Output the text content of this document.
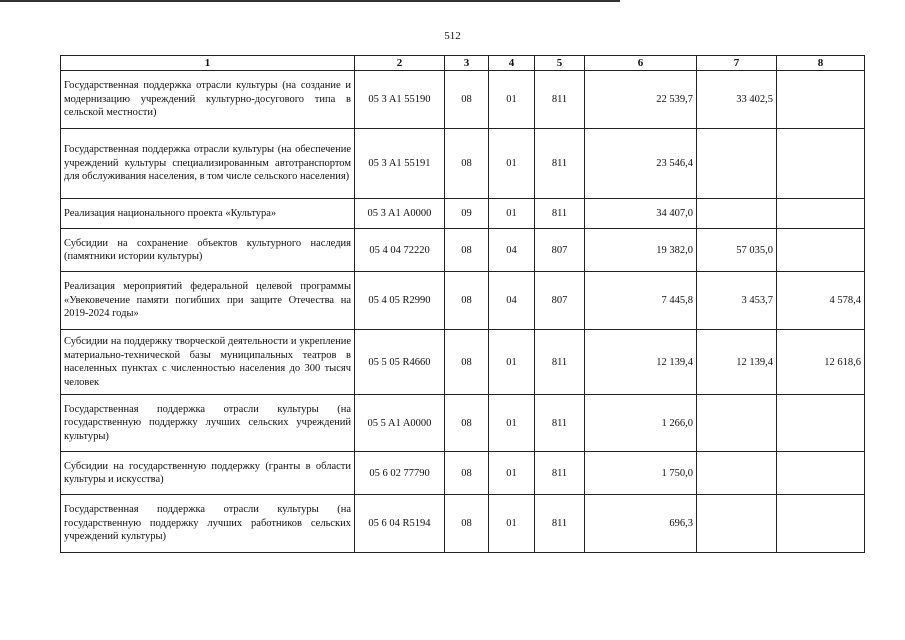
512
1	2	3	4	5	6	7	8
Государственная поддержка отрасли культуры (на создание и модернизацию учреждений культурно-досугового типа в сельской местности)	05 3 A1 55190	08	01	811	22 539,7	33 402,5	
Государственная поддержка отрасли культуры (на обеспечение учреждений культуры специализированным автотранспортом для обслуживания населения, в том числе сельского населения)	05 3 A1 55191	08	01	811	23 546,4		
Реализация национального проекта «Культура»	05 3 A1 A0000	09	01	811	34 407,0		
Субсидии на сохранение объектов культурного наследия (памятники истории культуры)	05 4 04 72220	08	04	807	19 382,0	57 035,0	
Реализация мероприятий федеральной целевой программы «Увековечение памяти погибших при защите Отечества на 2019-2024 годы»	05 4 05 R2990	08	04	807	7 445,8	3 453,7	4 578,4
Субсидии на поддержку творческой деятельности и укрепление материально-технической базы муниципальных театров в населенных пунктах с численностью населения до 300 тысяч человек	05 5 05 R4660	08	01	811	12 139,4	12 139,4	12 618,6
Государственная поддержка отрасли культуры (на государственную поддержку лучших сельских учреждений культуры)	05 5 A1 A0000	08	01	811	1 266,0		
Субсидии на государственную поддержку (гранты в области культуры и искусства)	05 6 02 77790	08	01	811	1 750,0		
Государственная поддержка отрасли культуры (на государственную поддержку лучших работников сельских учреждений культуры)	05 6 04 R5194	08	01	811	696,3		
